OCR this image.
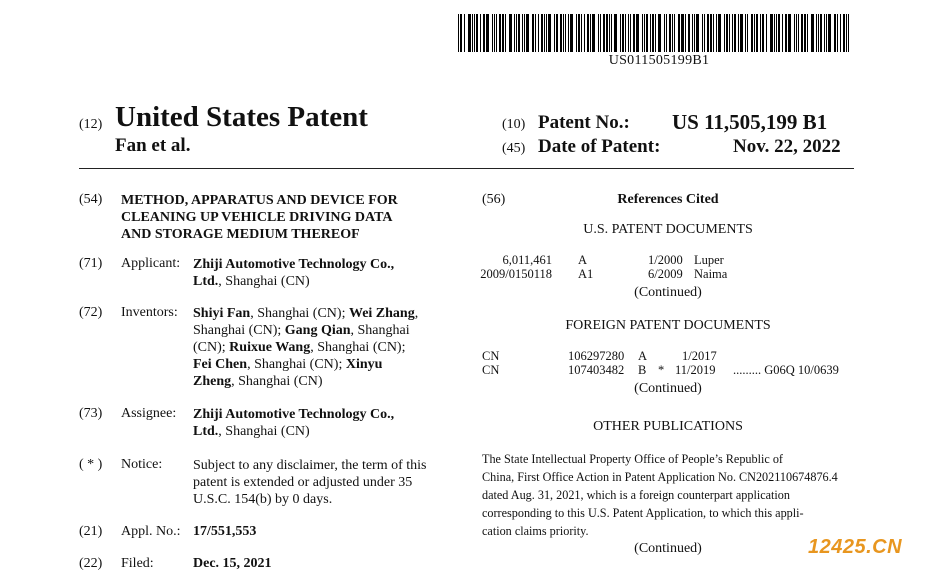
US011505199B1
(12) United States Patent
Fan et al.
(10) Patent No.: US 11,505,199 B1
(45) Date of Patent:	Nov. 22, 2022
(54) METHOD, APPARATUS AND DEVICE FOR
CLEANING UP VEHICLE DRIVING DATA
AND STORAGE MEDIUM THEREOF
(71) Applicant: Zhiji Automotive Technology Co.,
Ltd., Shanghai (CN)
(72) Inventors: Shiyi Fan, Shanghai (CN); Wei Zhang,
Shanghai (CN); Gang Qian, Shanghai
(CN); Ruixue Wang, Shanghai (CN);
Fei Chen, Shanghai (CN); Xinyu
Zheng, Shanghai (CN)
(73) Assignee: Zhiji Automotive Technology Co.,
Ltd., Shanghai (CN)
( * ) Notice: Subject to any disclaimer, the term of this
patent is extended or adjusted under 35
U.S.C. 154(b) by 0 days.
(21) Appl. No.: 17/551,553
(22) Filed:	Dec. 15, 2021
(56)	References Cited
U.S. PATENT DOCUMENTS
6,011,461 A	1/2000 Luper
2009/0150118 A1	6/2009 Naima
(Continued)
FOREIGN PATENT DOCUMENTS
CN	106297280 A	1/2017
CN	107403482 B * 11/2019 ......... G06Q 10/0639
(Continued)
OTHER PUBLICATIONS
The State Intellectual Property Office of People’s Republic of
China, First Office Action in Patent Application No. CN202110674876.4
dated Aug. 31, 2021, which is a foreign counterpart application
corresponding to this U.S. Patent Application, to which this appli-
cation claims priority.
(Continued)	12425.CN
